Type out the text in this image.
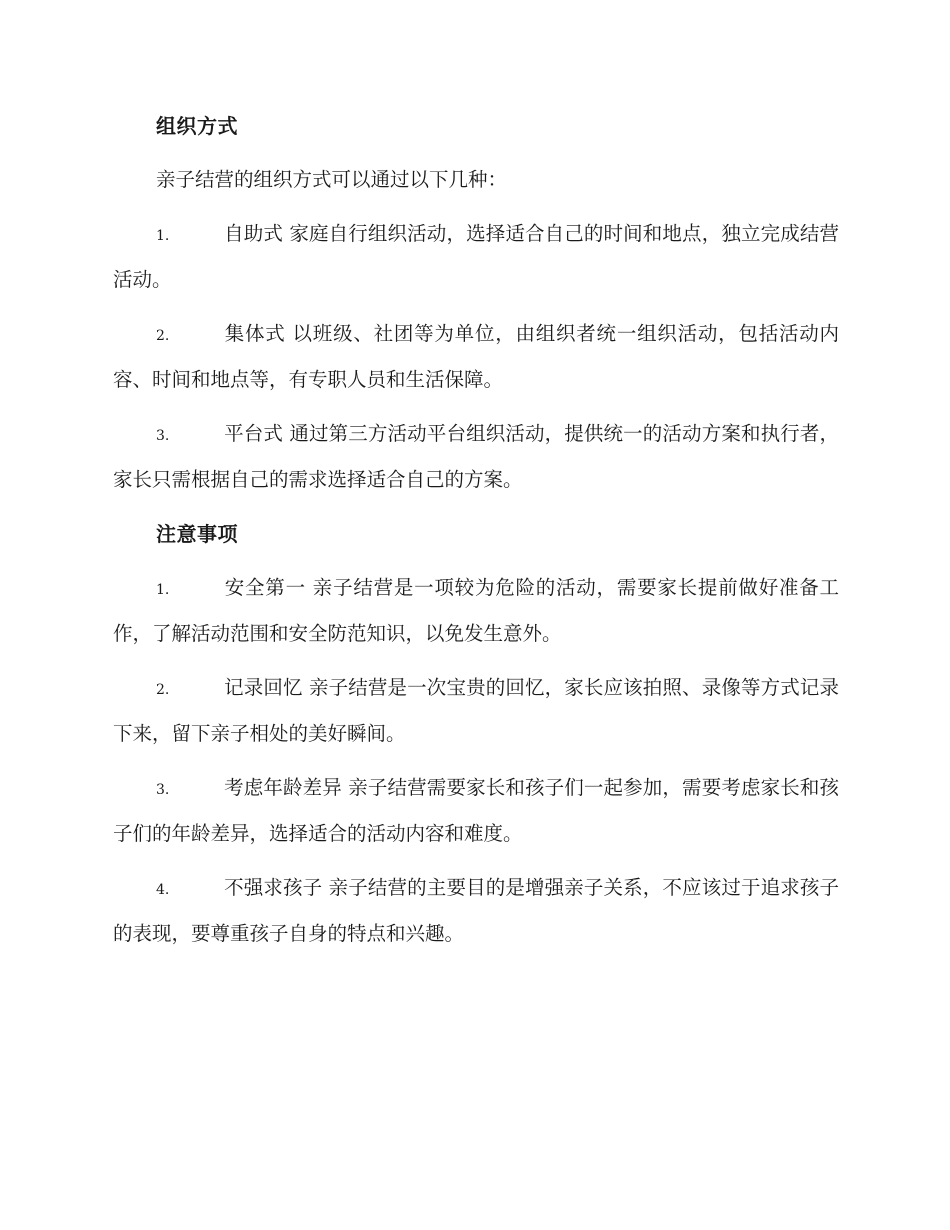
组织方式

亲子结营的组织方式可以通过以下几种：

1.	自助式 家庭自行组织活动，选择适合自己的时间和地点，独立完成结营活动。

2.	集体式 以班级、社团等为单位，由组织者统一组织活动，包括活动内容、时间和地点等，有专职人员和生活保障。

3.	平台式 通过第三方活动平台组织活动，提供统一的活动方案和执行者，家长只需根据自己的需求选择适合自己的方案。

注意事项

1.	安全第一 亲子结营是一项较为危险的活动，需要家长提前做好准备工作，了解活动范围和安全防范知识，以免发生意外。

2.	记录回忆 亲子结营是一次宝贵的回忆，家长应该拍照、录像等方式记录下来，留下亲子相处的美好瞬间。

3.	考虑年龄差异 亲子结营需要家长和孩子们一起参加，需要考虑家长和孩子们的年龄差异，选择适合的活动内容和难度。

4.	不强求孩子 亲子结营的主要目的是增强亲子关系，不应该过于追求孩子的表现，要尊重孩子自身的特点和兴趣。
